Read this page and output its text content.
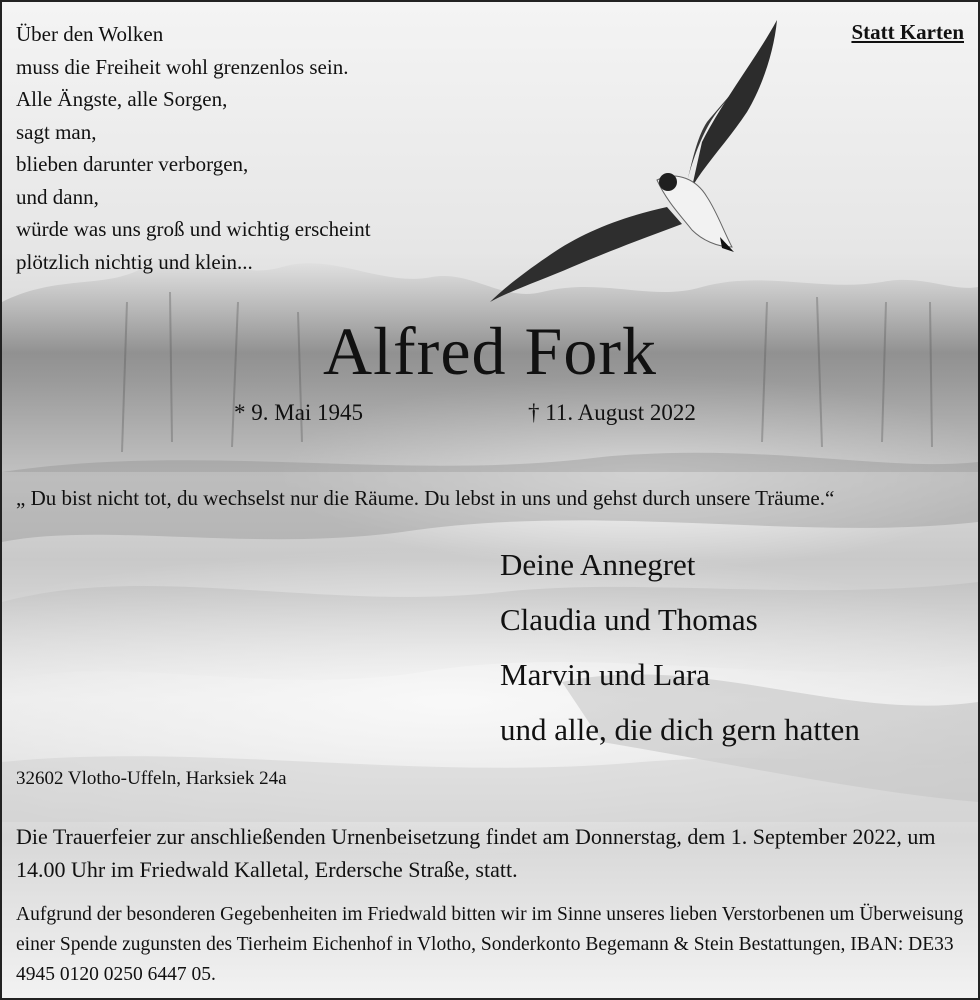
Statt Karten
Über den Wolken
muss die Freiheit wohl grenzenlos sein.
Alle Ängste, alle Sorgen,
sagt man,
blieben darunter verborgen,
und dann,
würde was uns groß und wichtig erscheint
plötzlich nichtig und klein...
Alfred Fork
* 9. Mai 1945	† 11. August 2022
„ Du bist nicht tot, du wechselst nur die Räume. Du lebst in uns und gehst durch unsere Träume.“
Deine Annegret
Claudia und Thomas
Marvin und Lara
und alle, die dich gern hatten
32602 Vlotho-Uffeln, Harksiek 24a
Die Trauerfeier zur anschließenden Urnenbeisetzung findet am Donnerstag, dem 1. September 2022, um 14.00 Uhr im Friedwald Kalletal, Erdersche Straße, statt.
Aufgrund der besonderen Gegebenheiten im Friedwald bitten wir im Sinne unseres lieben Verstorbenen um Überweisung einer Spende zugunsten des Tierheim Eichenhof in Vlotho, Sonderkonto Begemann & Stein Bestattungen, IBAN: DE33 4945 0120 0250 6447 05.
